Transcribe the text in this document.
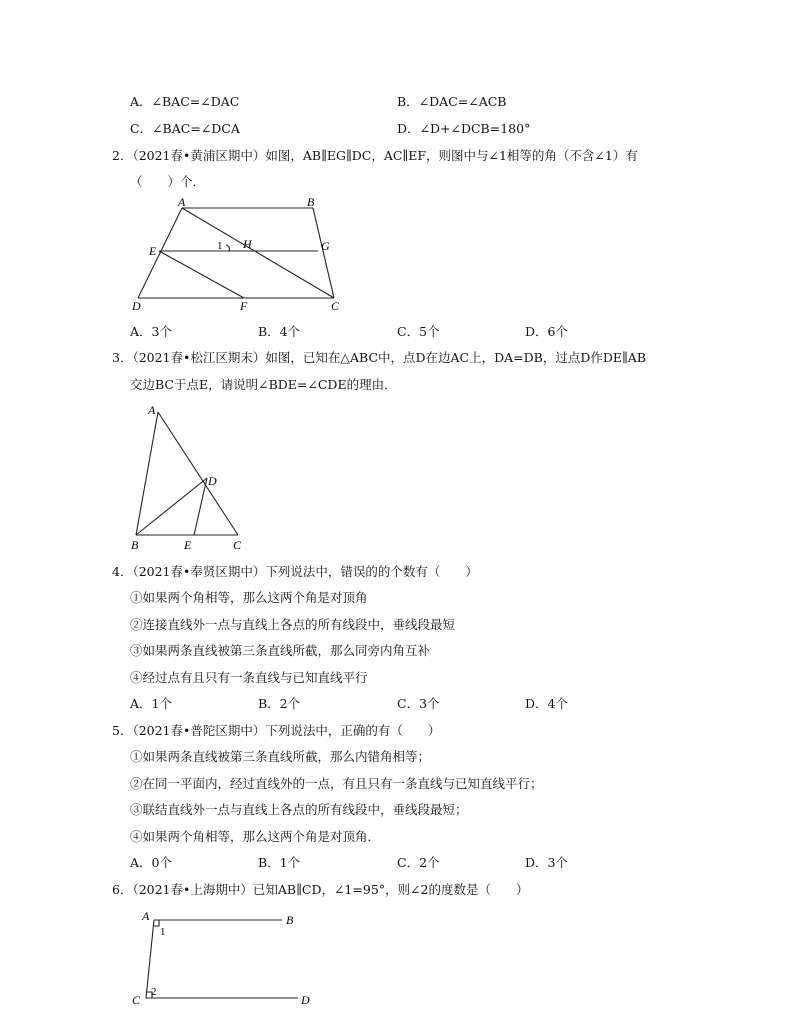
A．∠BAC=∠DAC	B．∠DAC=∠ACB
C．∠BAC=∠DCA	D．∠D+∠DCB=180°
2．（2021春•黄浦区期中）如图，AB∥EG∥DC，AC∥EF，则图中与∠1相等的角（不含∠1）有
（　　）个．
A	B
E	G
H
1
D	F	C
A．3个	B．4个	C．5个	D．6个
3．（2021春•松江区期末）如图，已知在△ABC中，点D在边AC上，DA=DB，过点D作DE∥AB
交边BC于点E，请说明∠BDE=∠CDE的理由．
A
D
B	E	C
4．（2021春•奉贤区期中）下列说法中，错误的的个数有（　　）
①如果两个角相等，那么这两个角是对顶角
②连接直线外一点与直线上各点的所有线段中，垂线段最短
③如果两条直线被第三条直线所截，那么同旁内角互补
④经过点有且只有一条直线与已知直线平行
A．1个	B．2个	C．3个	D．4个
5．（2021春•普陀区期中）下列说法中，正确的有（　　）
①如果两条直线被第三条直线所截，那么内错角相等；
②在同一平面内，经过直线外的一点，有且只有一条直线与已知直线平行；
③联结直线外一点与直线上各点的所有线段中，垂线段最短；
④如果两个角相等，那么这两个角是对顶角．
A．0个	B．1个	C．2个	D．3个
6．（2021春•上海期中）已知AB∥CD，∠1=95°，则∠2的度数是（　　）
A	B
1
2
C	D
